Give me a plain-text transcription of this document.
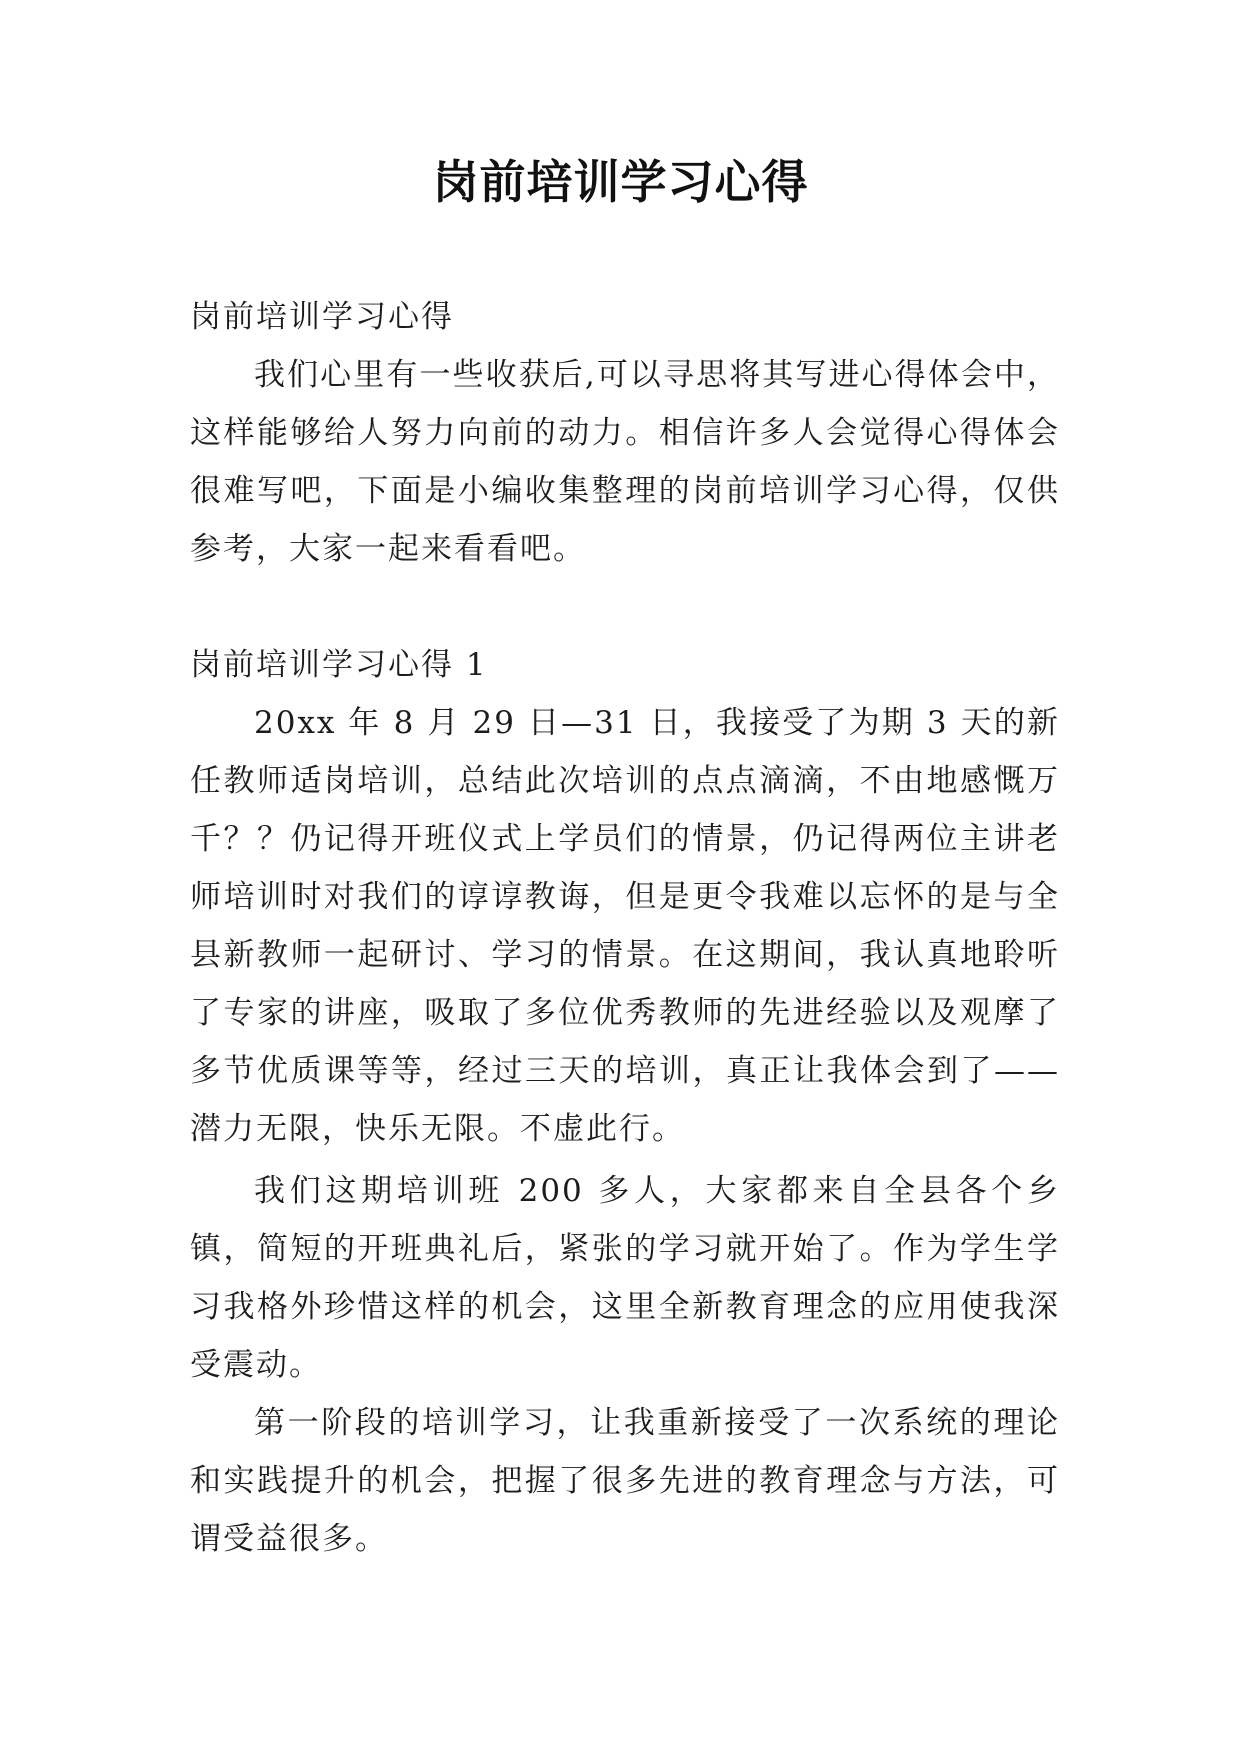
岗前培训学习心得

岗前培训学习心得

我们心里有一些收获后,可以寻思将其写进心得体会中，这样能够给人努力向前的动力。相信许多人会觉得心得体会很难写吧，下面是小编收集整理的岗前培训学习心得，仅供参考，大家一起来看看吧。

岗前培训学习心得 1

20xx 年 8 月 29 日—31 日，我接受了为期 3 天的新任教师适岗培训，总结此次培训的点点滴滴，不由地感慨万千？？仍记得开班仪式上学员们的情景，仍记得两位主讲老师培训时对我们的谆谆教诲，但是更令我难以忘怀的是与全县新教师一起研讨、学习的情景。在这期间，我认真地聆听了专家的讲座，吸取了多位优秀教师的先进经验以及观摩了多节优质课等等，经过三天的培训，真正让我体会到了——潜力无限，快乐无限。不虚此行。

我们这期培训班 200 多人，大家都来自全县各个乡镇，简短的开班典礼后，紧张的学习就开始了。作为学生学习我格外珍惜这样的机会，这里全新教育理念的应用使我深受震动。

第一阶段的培训学习，让我重新接受了一次系统的理论和实践提升的机会，把握了很多先进的教育理念与方法，可谓受益很多。
